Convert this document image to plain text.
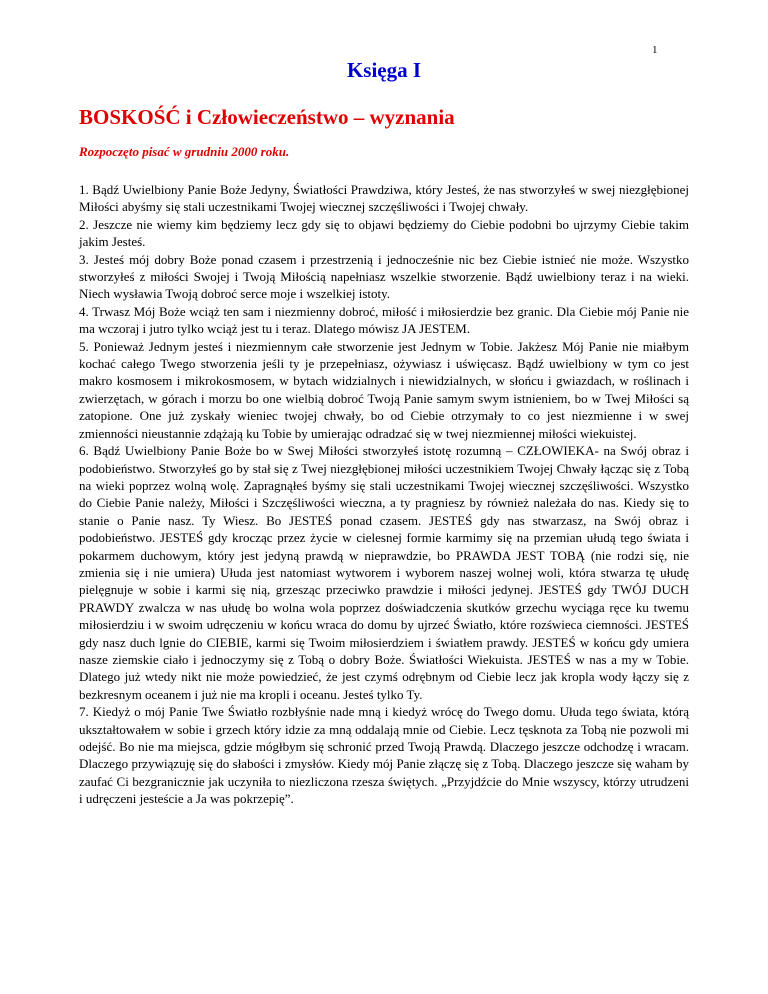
1
Księga I
BOSKOŚĆ i Człowieczeństwo – wyznania

Rozpoczęto pisać w grudniu 2000 roku.

1. Bądź Uwielbiony Panie Boże Jedyny, Światłości Prawdziwa, który Jesteś, że nas stworzyłeś w swej niezgłębionej Miłości abyśmy się stali uczestnikami Twojej wiecznej szczęśliwości i Twojej chwały.

2. Jeszcze nie wiemy kim będziemy lecz gdy się to objawi będziemy do Ciebie podobni bo ujrzymy Ciebie takim jakim Jesteś.

3. Jesteś mój dobry Boże ponad czasem i przestrzenią i jednocześnie nic bez Ciebie istnieć nie może. Wszystko stworzyłeś z miłości Swojej i Twoją Miłością napełniasz wszelkie stworzenie. Bądź uwielbiony teraz i na wieki. Niech wysławia Twoją dobroć serce moje i wszelkiej istoty.

4. Trwasz Mój Boże wciąż ten sam i niezmienny dobroć, miłość i miłosierdzie bez granic. Dla Ciebie mój Panie nie ma wczoraj i jutro tylko wciąż jest tu i teraz. Dlatego mówisz JA JESTEM.

5. Ponieważ Jednym jesteś i niezmiennym całe stworzenie jest Jednym w Tobie. Jakżesz Mój Panie nie miałbym kochać całego Twego stworzenia jeśli ty je przepełniasz, ożywiasz i uświęcasz. Bądź uwielbiony w tym co jest makro kosmosem i mikrokosmosem, w bytach widzialnych i niewidzialnych, w słońcu i gwiazdach, w roślinach i zwierzętach, w górach i morzu bo one wielbią dobroć Twoją Panie samym swym istnieniem, bo w Twej Miłości są zatopione. One już zyskały wieniec twojej chwały, bo od Ciebie otrzymały to co jest niezmienne i w swej zmienności nieustannie zdążają ku Tobie by umierając odradzać się w twej niezmiennej miłości wiekuistej.

6. Bądź Uwielbiony Panie Boże bo w Swej Miłości stworzyłeś istotę rozumną – CZŁOWIEKA- na Swój obraz i podobieństwo. Stworzyłeś go by stał się z Twej niezgłębionej miłości uczestnikiem Twojej Chwały łącząc się z Tobą na wieki poprzez wolną wolę. Zapragnąłeś byśmy się stali uczestnikami Twojej wiecznej szczęśliwości. Wszystko do Ciebie Panie należy, Miłości i Szczęśliwości wieczna, a ty pragniesz by również należała do nas. Kiedy się to stanie o Panie nasz. Ty Wiesz. Bo JESTEŚ ponad czasem. JESTEŚ gdy nas stwarzasz, na Swój obraz i podobieństwo. JESTEŚ gdy krocząc przez życie w cielesnej formie karmimy się na przemian ułudą tego świata i pokarmem duchowym, który jest jedyną prawdą w nieprawdzie, bo PRAWDA JEST TOBĄ (nie rodzi się, nie zmienia się i nie umiera) Ułuda jest natomiast wytworem i wyborem naszej wolnej woli, która stwarza tę ułudę pielęgnuje w sobie i karmi się nią, grzesząc przeciwko prawdzie i miłości jedynej. JESTEŚ gdy TWÓJ DUCH PRAWDY zwalcza w nas ułudę bo wolna wola poprzez doświadczenia skutków grzechu wyciąga ręce ku twemu miłosierdziu i w swoim udręczeniu w końcu wraca do domu by ujrzeć Światło, które rozświeca ciemności. JESTEŚ gdy nasz duch lgnie do CIEBIE, karmi się Twoim miłosierdziem i światłem prawdy. JESTEŚ w końcu gdy umiera nasze ziemskie ciało i jednoczymy się z Tobą o dobry Boże. Światłości Wiekuista. JESTEŚ w nas a my w Tobie. Dlatego już wtedy nikt nie może powiedzieć, że jest czymś odrębnym od Ciebie lecz jak kropla wody łączy się z bezkresnym oceanem i już nie ma kropli i oceanu. Jesteś tylko Ty.

7. Kiedyż o mój Panie Twe Światło rozbłyśnie nade mną i kiedyż wrócę do Twego domu. Ułuda tego świata, którą ukształtowałem w sobie i grzech który idzie za mną oddalają mnie od Ciebie. Lecz tęsknota za Tobą nie pozwoli mi odejść. Bo nie ma miejsca, gdzie mógłbym się schronić przed Twoją Prawdą. Dlaczego jeszcze odchodzę i wracam. Dlaczego przywiązuję się do słabości i zmysłów. Kiedy mój Panie złączę się z Tobą. Dlaczego jeszcze się waham by zaufać Ci bezgranicznie jak uczyniła to niezliczona rzesza świętych. „Przyjdźcie do Mnie wszyscy, którzy utrudzeni i udręczeni jesteście a Ja was pokrzepię”.
